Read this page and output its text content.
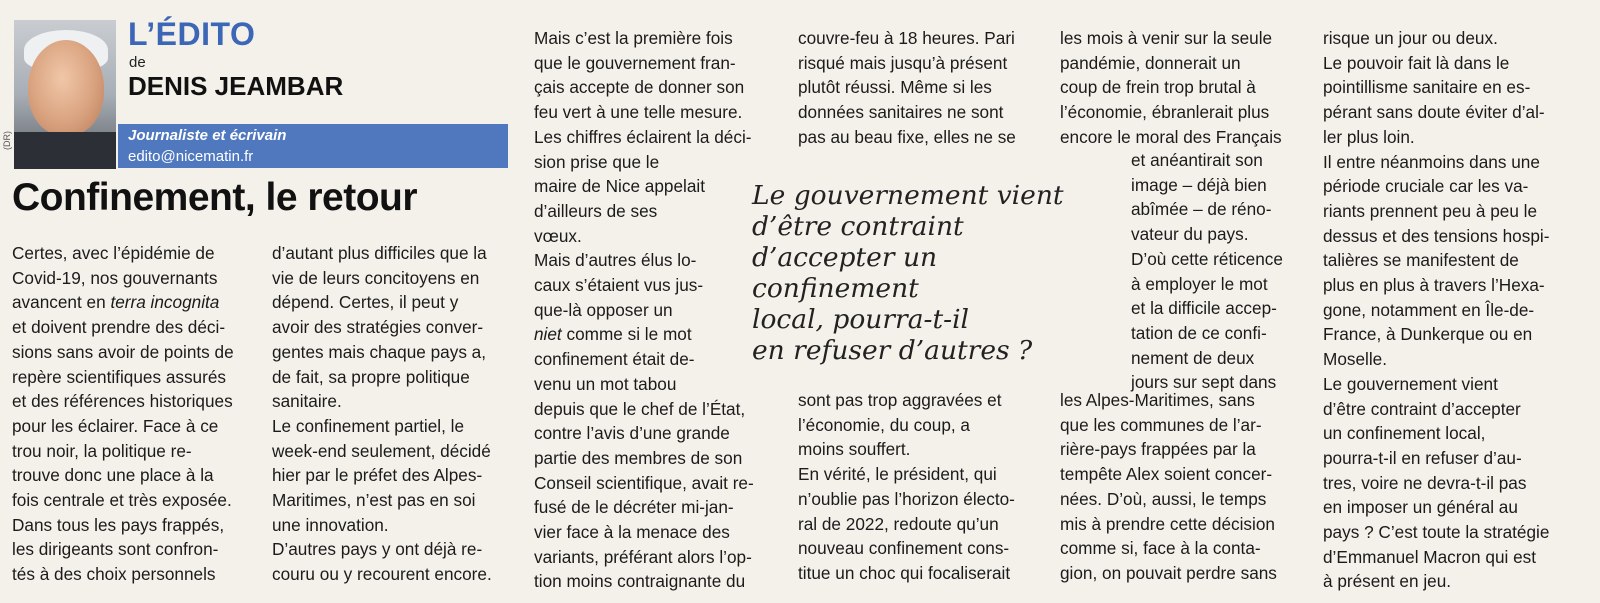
(DR)
L’ÉDITO
de
DENIS JEAMBAR
Journaliste et écrivain
edito@nicematin.fr
Confinement, le retour
Certes, avec l’épidémie de
Covid-19, nos gouvernants
avancent en terra incognita
et doivent prendre des déci-
sions sans avoir de points de
repère scientifiques assurés
et des références historiques
pour les éclairer. Face à ce
trou noir, la politique re-
trouve donc une place à la
fois centrale et très exposée.
Dans tous les pays frappés,
les dirigeants sont confron-
tés à des choix personnels
d’autant plus difficiles que la
vie de leurs concitoyens en
dépend. Certes, il peut y
avoir des stratégies conver-
gentes mais chaque pays a,
de fait, sa propre politique
sanitaire.
Le confinement partiel, le
week-end seulement, décidé
hier par le préfet des Alpes-
Maritimes, n’est pas en soi
une innovation.
D’autres pays y ont déjà re-
couru ou y recourent encore.
Mais c’est la première fois
que le gouvernement fran-
çais accepte de donner son
feu vert à une telle mesure.
Les chiffres éclairent la déci-
sion prise que le
maire de Nice appelait
d’ailleurs de ses
vœux.
Mais d’autres élus lo-
caux s’étaient vus jus-
que-là opposer un
niet comme si le mot
confinement était de-
venu un mot tabou
depuis que le chef de l’État,
contre l’avis d’une grande
partie des membres de son
Conseil scientifique, avait re-
fusé de le décréter mi-jan-
vier face à la menace des
variants, préférant alors l’op-
tion moins contraignante du
couvre-feu à 18 heures. Pari
risqué mais jusqu’à présent
plutôt réussi. Même si les
données sanitaires ne sont
pas au beau fixe, elles ne se
sont pas trop aggravées et
l’économie, du coup, a
moins souffert.
En vérité, le président, qui
n’oublie pas l’horizon électo-
ral de 2022, redoute qu’un
nouveau confinement cons-
titue un choc qui focaliserait
les mois à venir sur la seule
pandémie, donnerait un
coup de frein trop brutal à
l’économie, ébranlerait plus
encore le moral des Français
et anéantirait son
image – déjà bien
abîmée – de réno-
vateur du pays.
D’où cette réticence
à employer le mot
et la difficile accep-
tation de ce confi-
nement de deux
jours sur sept dans
les Alpes-Maritimes, sans
que les communes de l’ar-
rière-pays frappées par la
tempête Alex soient concer-
nées. D’où, aussi, le temps
mis à prendre cette décision
comme si, face à la conta-
gion, on pouvait perdre sans
risque un jour ou deux.
Le pouvoir fait là dans le
pointillisme sanitaire en es-
pérant sans doute éviter d’al-
ler plus loin.
Il entre néanmoins dans une
période cruciale car les va-
riants prennent peu à peu le
dessus et des tensions hospi-
talières se manifestent de
plus en plus à travers l’Hexa-
gone, notamment en Île-de-
France, à Dunkerque ou en
Moselle.
Le gouvernement vient
d’être contraint d’accepter
un confinement local,
pourra-t-il en refuser d’au-
tres, voire ne devra-t-il pas
en imposer un général au
pays ? C’est toute la stratégie
d’Emmanuel Macron qui est
à présent en jeu.
Le gouvernement vient
d’être contraint
d’accepter un confinement
local, pourra-t-il
en refuser d’autres ?
